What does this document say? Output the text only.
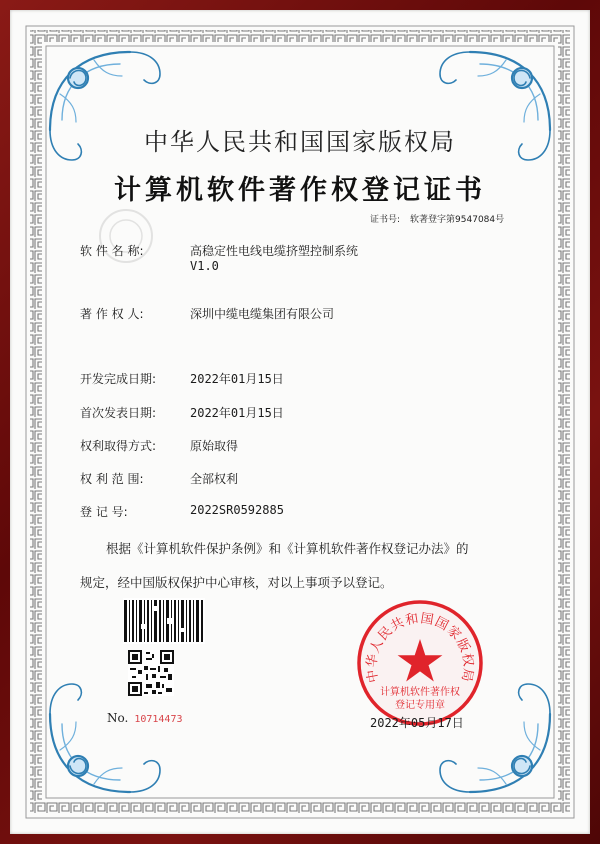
中华人民共和国国家版权局
计算机软件著作权登记证书
证书号: 软著登字第9547084号
软 件 名 称:	高稳定性电线电缆挤塑控制系统
V1.0
著 作 权 人:	深圳中缆电缆集团有限公司
开发完成日期:	2022年01月15日
首次发表日期:	2022年01月15日
权利取得方式:	原始取得
权 利 范 围:	全部权利
登 记 号:	2022SR0592885
根据《计算机软件保护条例》和《计算机软件著作权登记办法》的
规定，经中国版权保护中心审核，对以上事项予以登记。
No. 10714473
中华人民共和国国家版权局
计算机软件著作权
登记专用章
2022年05月17日
